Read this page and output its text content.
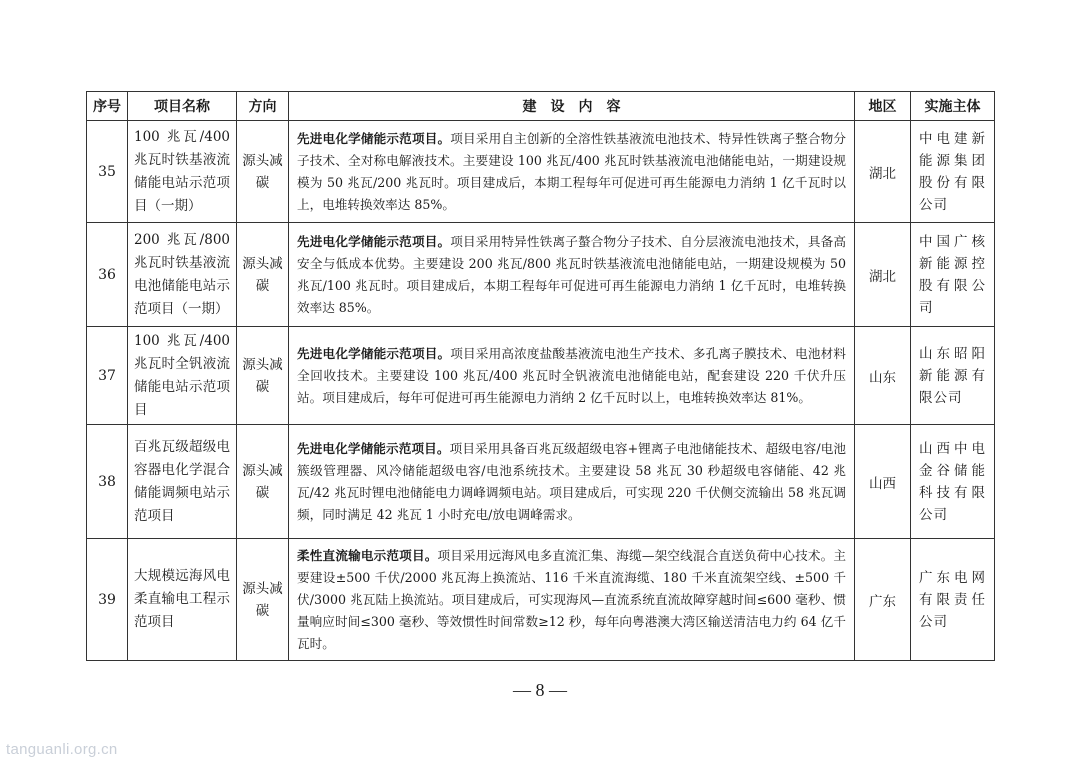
序号	项目名称	方向	建　设　内　容	地区	实施主体
35	100 兆瓦/400 兆瓦时铁基液流储能电站示范项目（一期）	源头减碳	先进电化学储能示范项目。项目采用自主创新的全溶性铁基液流电池技术、特异性铁离子整合物分子技术、全对称电解液技术。主要建设 100 兆瓦/400 兆瓦时铁基液流电池储能电站，一期建设规模为 50 兆瓦/200 兆瓦时。项目建成后，本期工程每年可促进可再生能源电力消纳 1 亿千瓦时以上，电堆转换效率达 85%。	湖北	中电建新能源集团股份有限公司
36	200 兆瓦/800 兆瓦时铁基液流电池储能电站示范项目（一期）	源头减碳	先进电化学储能示范项目。项目采用特异性铁离子螯合物分子技术、自分层液流电池技术，具备高安全与低成本优势。主要建设 200 兆瓦/800 兆瓦时铁基液流电池储能电站，一期建设规模为 50 兆瓦/100 兆瓦时。项目建成后，本期工程每年可促进可再生能源电力消纳 1 亿千瓦时，电堆转换效率达 85%。	湖北	中国广核新能源控股有限公司
37	100 兆瓦/400 兆瓦时全钒液流储能电站示范项目	源头减碳	先进电化学储能示范项目。项目采用高浓度盐酸基液流电池生产技术、多孔离子膜技术、电池材料全回收技术。主要建设 100 兆瓦/400 兆瓦时全钒液流电池储能电站，配套建设 220 千伏升压站。项目建成后，每年可促进可再生能源电力消纳 2 亿千瓦时以上，电堆转换效率达 81%。	山东	山东昭阳新能源有限公司
38	百兆瓦级超级电容器电化学混合储能调频电站示范项目	源头减碳	先进电化学储能示范项目。项目采用具备百兆瓦级超级电容+锂离子电池储能技术、超级电容/电池簇级管理器、风冷储能超级电容/电池系统技术。主要建设 58 兆瓦 30 秒超级电容储能、42 兆瓦/42 兆瓦时锂电池储能电力调峰调频电站。项目建成后，可实现 220 千伏侧交流输出 58 兆瓦调频，同时满足 42 兆瓦 1 小时充电/放电调峰需求。	山西	山西中电金谷储能科技有限公司
39	大规模远海风电柔直输电工程示范项目	源头减碳	柔性直流输电示范项目。项目采用远海风电多直流汇集、海缆—架空线混合直送负荷中心技术。主要建设±500 千伏/2000 兆瓦海上换流站、116 千米直流海缆、180 千米直流架空线、±500 千伏/3000 兆瓦陆上换流站。项目建成后，可实现海风—直流系统直流故障穿越时间≤600 毫秒、惯量响应时间≤300 毫秒、等效惯性时间常数≥12 秒，每年向粤港澳大湾区输送清洁电力约 64 亿千瓦时。	广东	广东电网有限责任公司
— 8 —
tanguanli.org.cn
